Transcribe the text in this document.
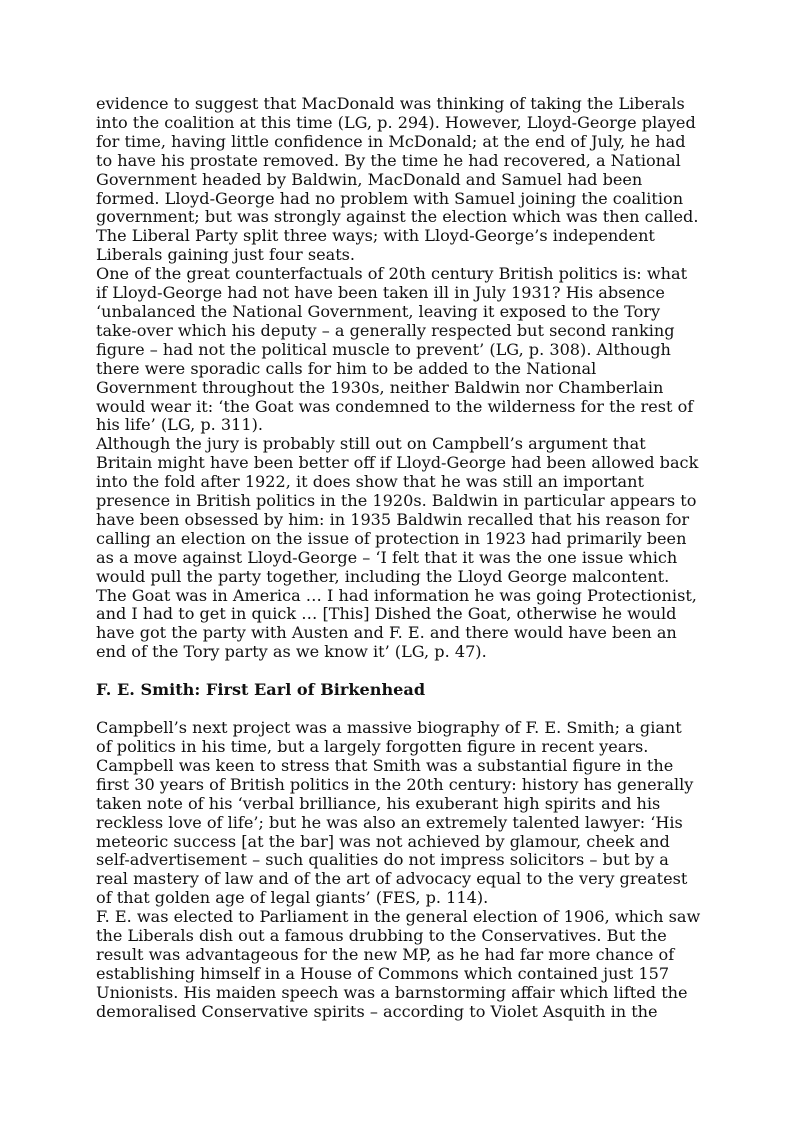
evidence to suggest that MacDonald was thinking of taking the Liberals
into the coalition at this time (LG, p. 294). However, Lloyd-George played
for time, having little confidence in McDonald; at the end of July, he had
to have his prostate removed. By the time he had recovered, a National
Government headed by Baldwin, MacDonald and Samuel had been
formed. Lloyd-George had no problem with Samuel joining the coalition
government; but was strongly against the election which was then called.
The Liberal Party split three ways; with Lloyd-George’s independent
Liberals gaining just four seats.
One of the great counterfactuals of 20th century British politics is: what
if Lloyd-George had not have been taken ill in July 1931? His absence
‘unbalanced the National Government, leaving it exposed to the Tory
take-over which his deputy – a generally respected but second ranking
figure – had not the political muscle to prevent’ (LG, p. 308). Although
there were sporadic calls for him to be added to the National
Government throughout the 1930s, neither Baldwin nor Chamberlain
would wear it: ‘the Goat was condemned to the wilderness for the rest of
his life’ (LG, p. 311).
Although the jury is probably still out on Campbell’s argument that
Britain might have been better off if Lloyd-George had been allowed back
into the fold after 1922, it does show that he was still an important
presence in British politics in the 1920s. Baldwin in particular appears to
have been obsessed by him: in 1935 Baldwin recalled that his reason for
calling an election on the issue of protection in 1923 had primarily been
as a move against Lloyd-George – ‘I felt that it was the one issue which
would pull the party together, including the Lloyd George malcontent.
The Goat was in America … I had information he was going Protectionist,
and I had to get in quick … [This] Dished the Goat, otherwise he would
have got the party with Austen and F. E. and there would have been an
end of the Tory party as we know it’ (LG, p. 47).
F. E. Smith: First Earl of Birkenhead
Campbell’s next project was a massive biography of F. E. Smith; a giant
of politics in his time, but a largely forgotten figure in recent years.
Campbell was keen to stress that Smith was a substantial figure in the
first 30 years of British politics in the 20th century: history has generally
taken note of his ‘verbal brilliance, his exuberant high spirits and his
reckless love of life’; but he was also an extremely talented lawyer: ‘His
meteoric success [at the bar] was not achieved by glamour, cheek and
self-advertisement – such qualities do not impress solicitors – but by a
real mastery of law and of the art of advocacy equal to the very greatest
of that golden age of legal giants’ (FES, p. 114).
F. E. was elected to Parliament in the general election of 1906, which saw
the Liberals dish out a famous drubbing to the Conservatives. But the
result was advantageous for the new MP, as he had far more chance of
establishing himself in a House of Commons which contained just 157
Unionists. His maiden speech was a barnstorming affair which lifted the
demoralised Conservative spirits – according to Violet Asquith in the
